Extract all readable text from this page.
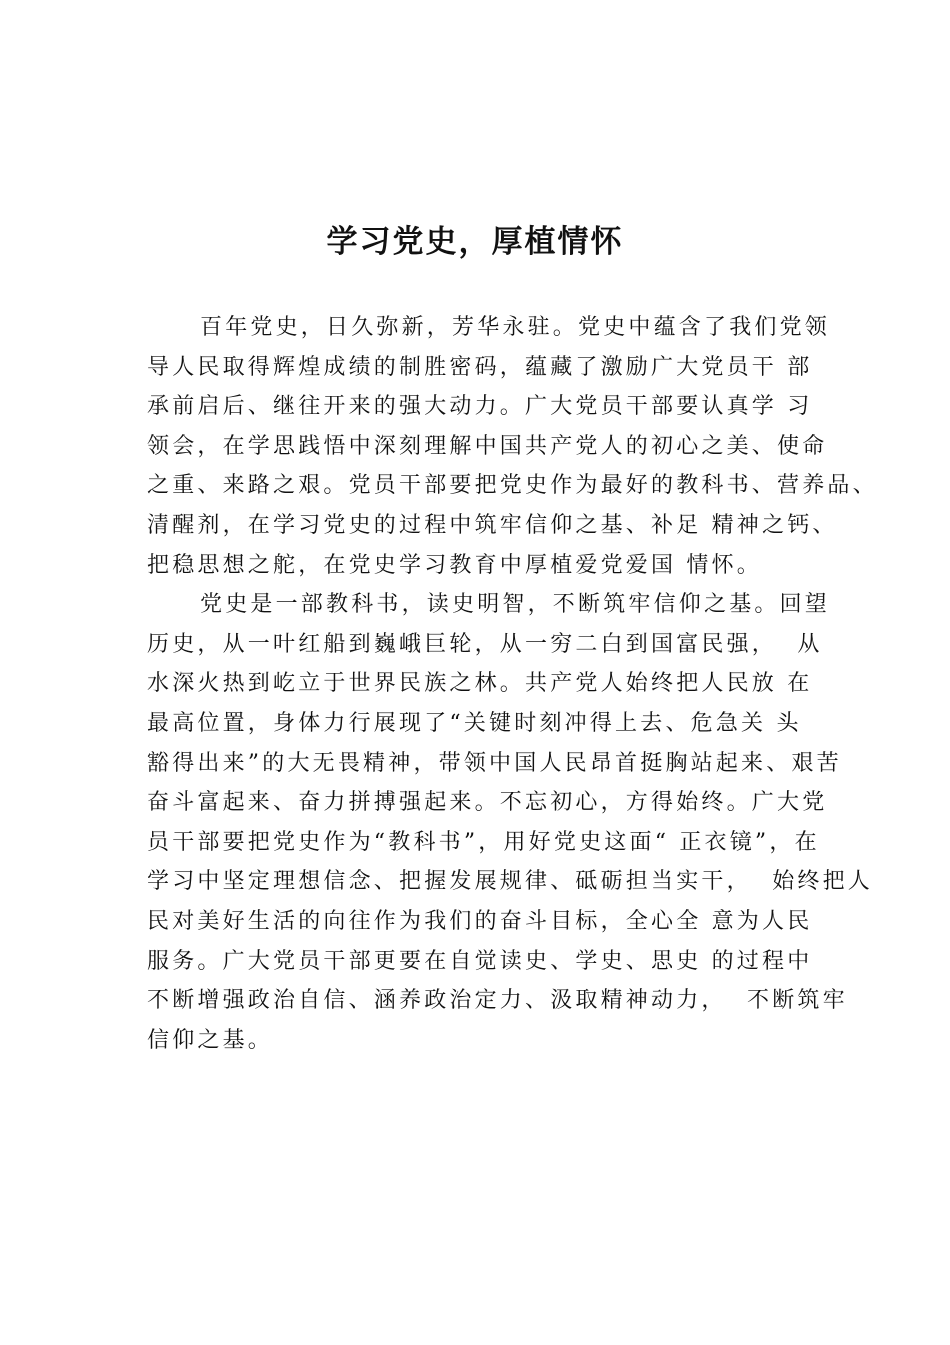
学习党史，厚植情怀
百年党史，日久弥新，芳华永驻。党史中蕴含了我们党领
导人民取得辉煌成绩的制胜密码，蕴藏了激励广大党员干 部
承前启后、继往开来的强大动力。广大党员干部要认真学 习
领会，在学思践悟中深刻理解中国共产党人的初心之美、使命
之重、来路之艰。党员干部要把党史作为最好的教科书、营养品、
清醒剂，在学习党史的过程中筑牢信仰之基、补足 精神之钙、
把稳思想之舵，在党史学习教育中厚植爱党爱国 情怀。
党史是一部教科书，读史明智，不断筑牢信仰之基。回望
历史，从一叶红船到巍峨巨轮，从一穷二白到国富民强，  从
水深火热到屹立于世界民族之林。共产党人始终把人民放 在
最高位置，身体力行展现了“关键时刻冲得上去、危急关 头
豁得出来”的大无畏精神，带领中国人民昂首挺胸站起来、艰苦
奋斗富起来、奋力拼搏强起来。不忘初心，方得始终。广大党
员干部要把党史作为“教科书”，用好党史这面“ 正衣镜”，在
学习中坚定理想信念、把握发展规律、砥砺担当实干，  始终把人
民对美好生活的向往作为我们的奋斗目标，全心全 意为人民
服务。广大党员干部更要在自觉读史、学史、思史 的过程中
不断增强政治自信、涵养政治定力、汲取精神动力，  不断筑牢
信仰之基。
